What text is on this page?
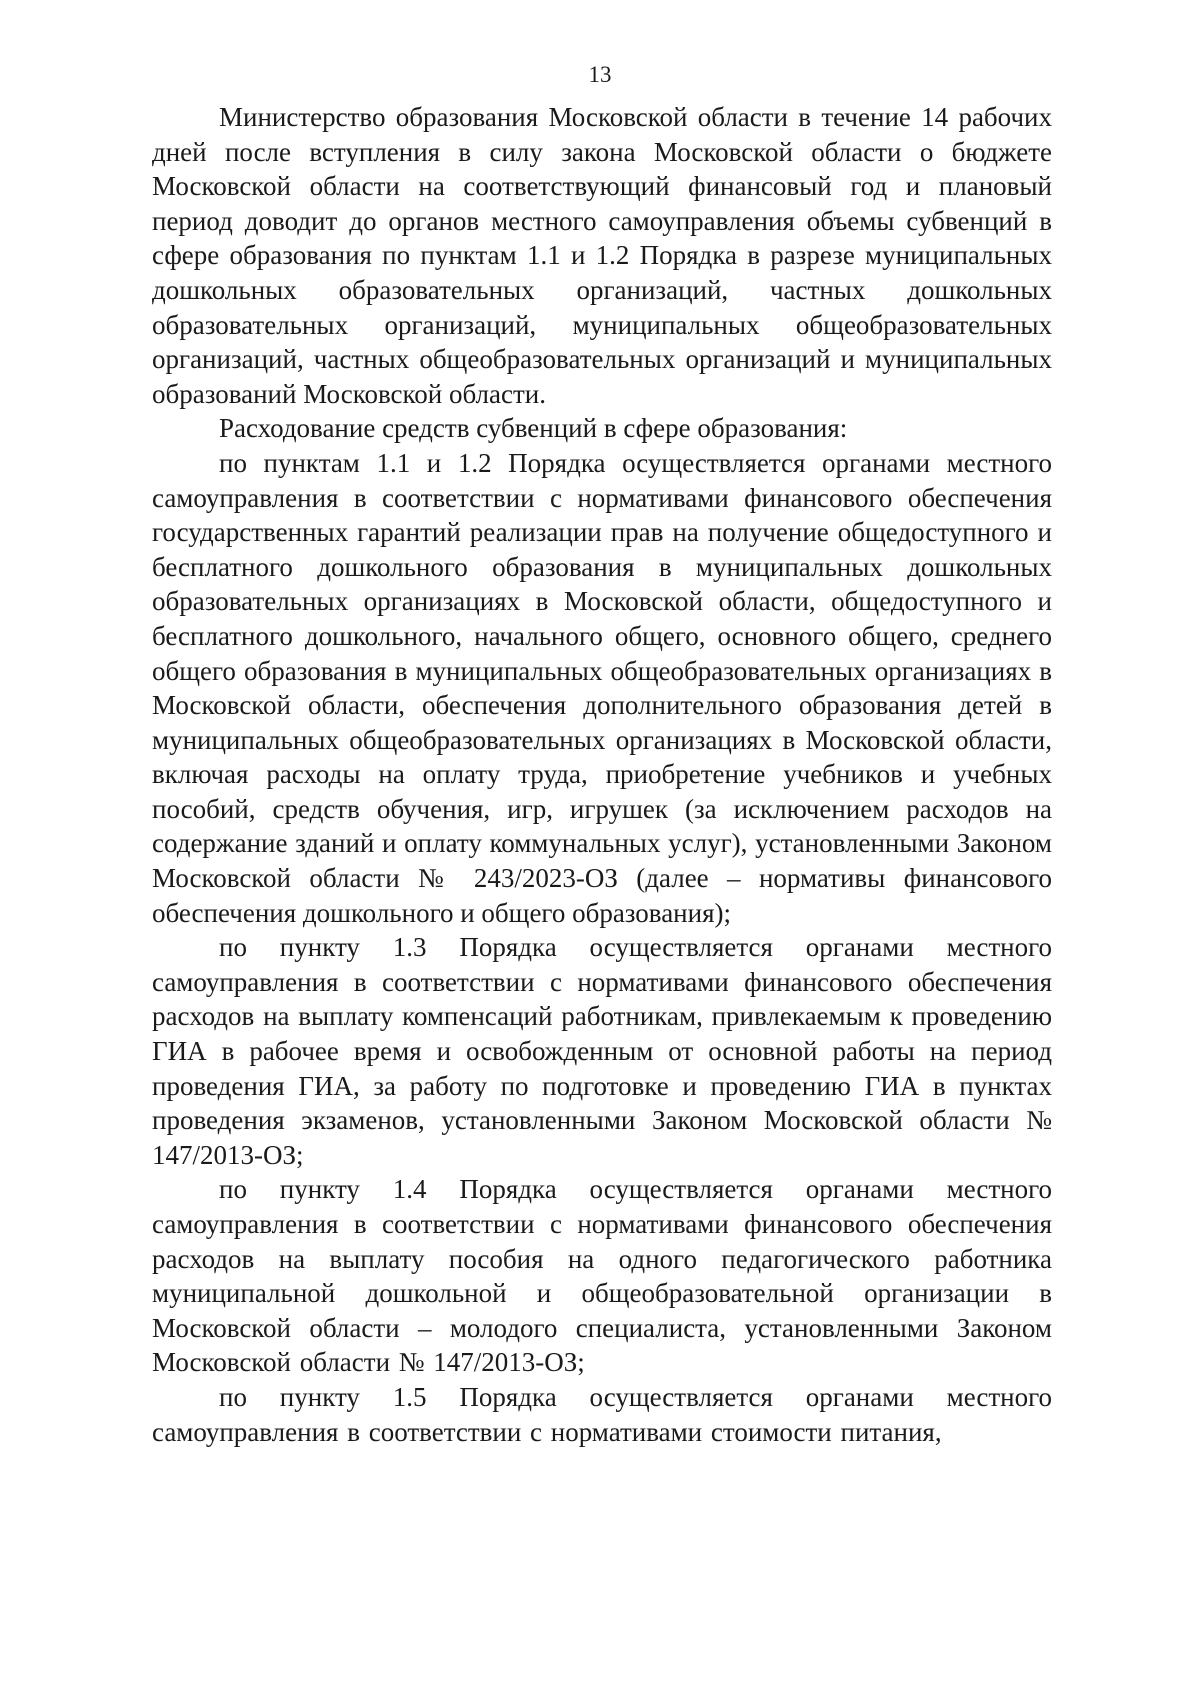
13

Министерство образования Московской области в течение 14 рабочих дней после вступления в силу закона Московской области о бюджете Московской области на соответствующий финансовый год и плановый период доводит до органов местного самоуправления объемы субвенций в сфере образования по пунктам 1.1 и 1.2 Порядка в разрезе муниципальных дошкольных образовательных организаций, частных дошкольных образовательных организаций, муниципальных общеобразовательных организаций, частных общеобразовательных организаций и муниципальных образований Московской области.

Расходование средств субвенций в сфере образования:

по пунктам 1.1 и 1.2 Порядка осуществляется органами местного самоуправления в соответствии с нормативами финансового обеспечения государственных гарантий реализации прав на получение общедоступного и бесплатного дошкольного образования в муниципальных дошкольных образовательных организациях в Московской области, общедоступного и бесплатного дошкольного, начального общего, основного общего, среднего общего образования в муниципальных общеобразовательных организациях в Московской области, обеспечения дополнительного образования детей в муниципальных общеобразовательных организациях в Московской области, включая расходы на оплату труда, приобретение учебников и учебных пособий, средств обучения, игр, игрушек (за исключением расходов на содержание зданий и оплату коммунальных услуг), установленными Законом Московской области № 243/2023-ОЗ (далее – нормативы финансового обеспечения дошкольного и общего образования);

по пункту 1.3 Порядка осуществляется органами местного самоуправления в соответствии с нормативами финансового обеспечения расходов на выплату компенсаций работникам, привлекаемым к проведению ГИА в рабочее время и освобожденным от основной работы на период проведения ГИА, за работу по подготовке и проведению ГИА в пунктах проведения экзаменов, установленными Законом Московской области № 147/2013-ОЗ;

по пункту 1.4 Порядка осуществляется органами местного самоуправления в соответствии с нормативами финансового обеспечения расходов на выплату пособия на одного педагогического работника муниципальной дошкольной и общеобразовательной организации в Московской области – молодого специалиста, установленными Законом Московской области № 147/2013-ОЗ;

по пункту 1.5 Порядка осуществляется органами местного самоуправления в соответствии с нормативами стоимости питания,
